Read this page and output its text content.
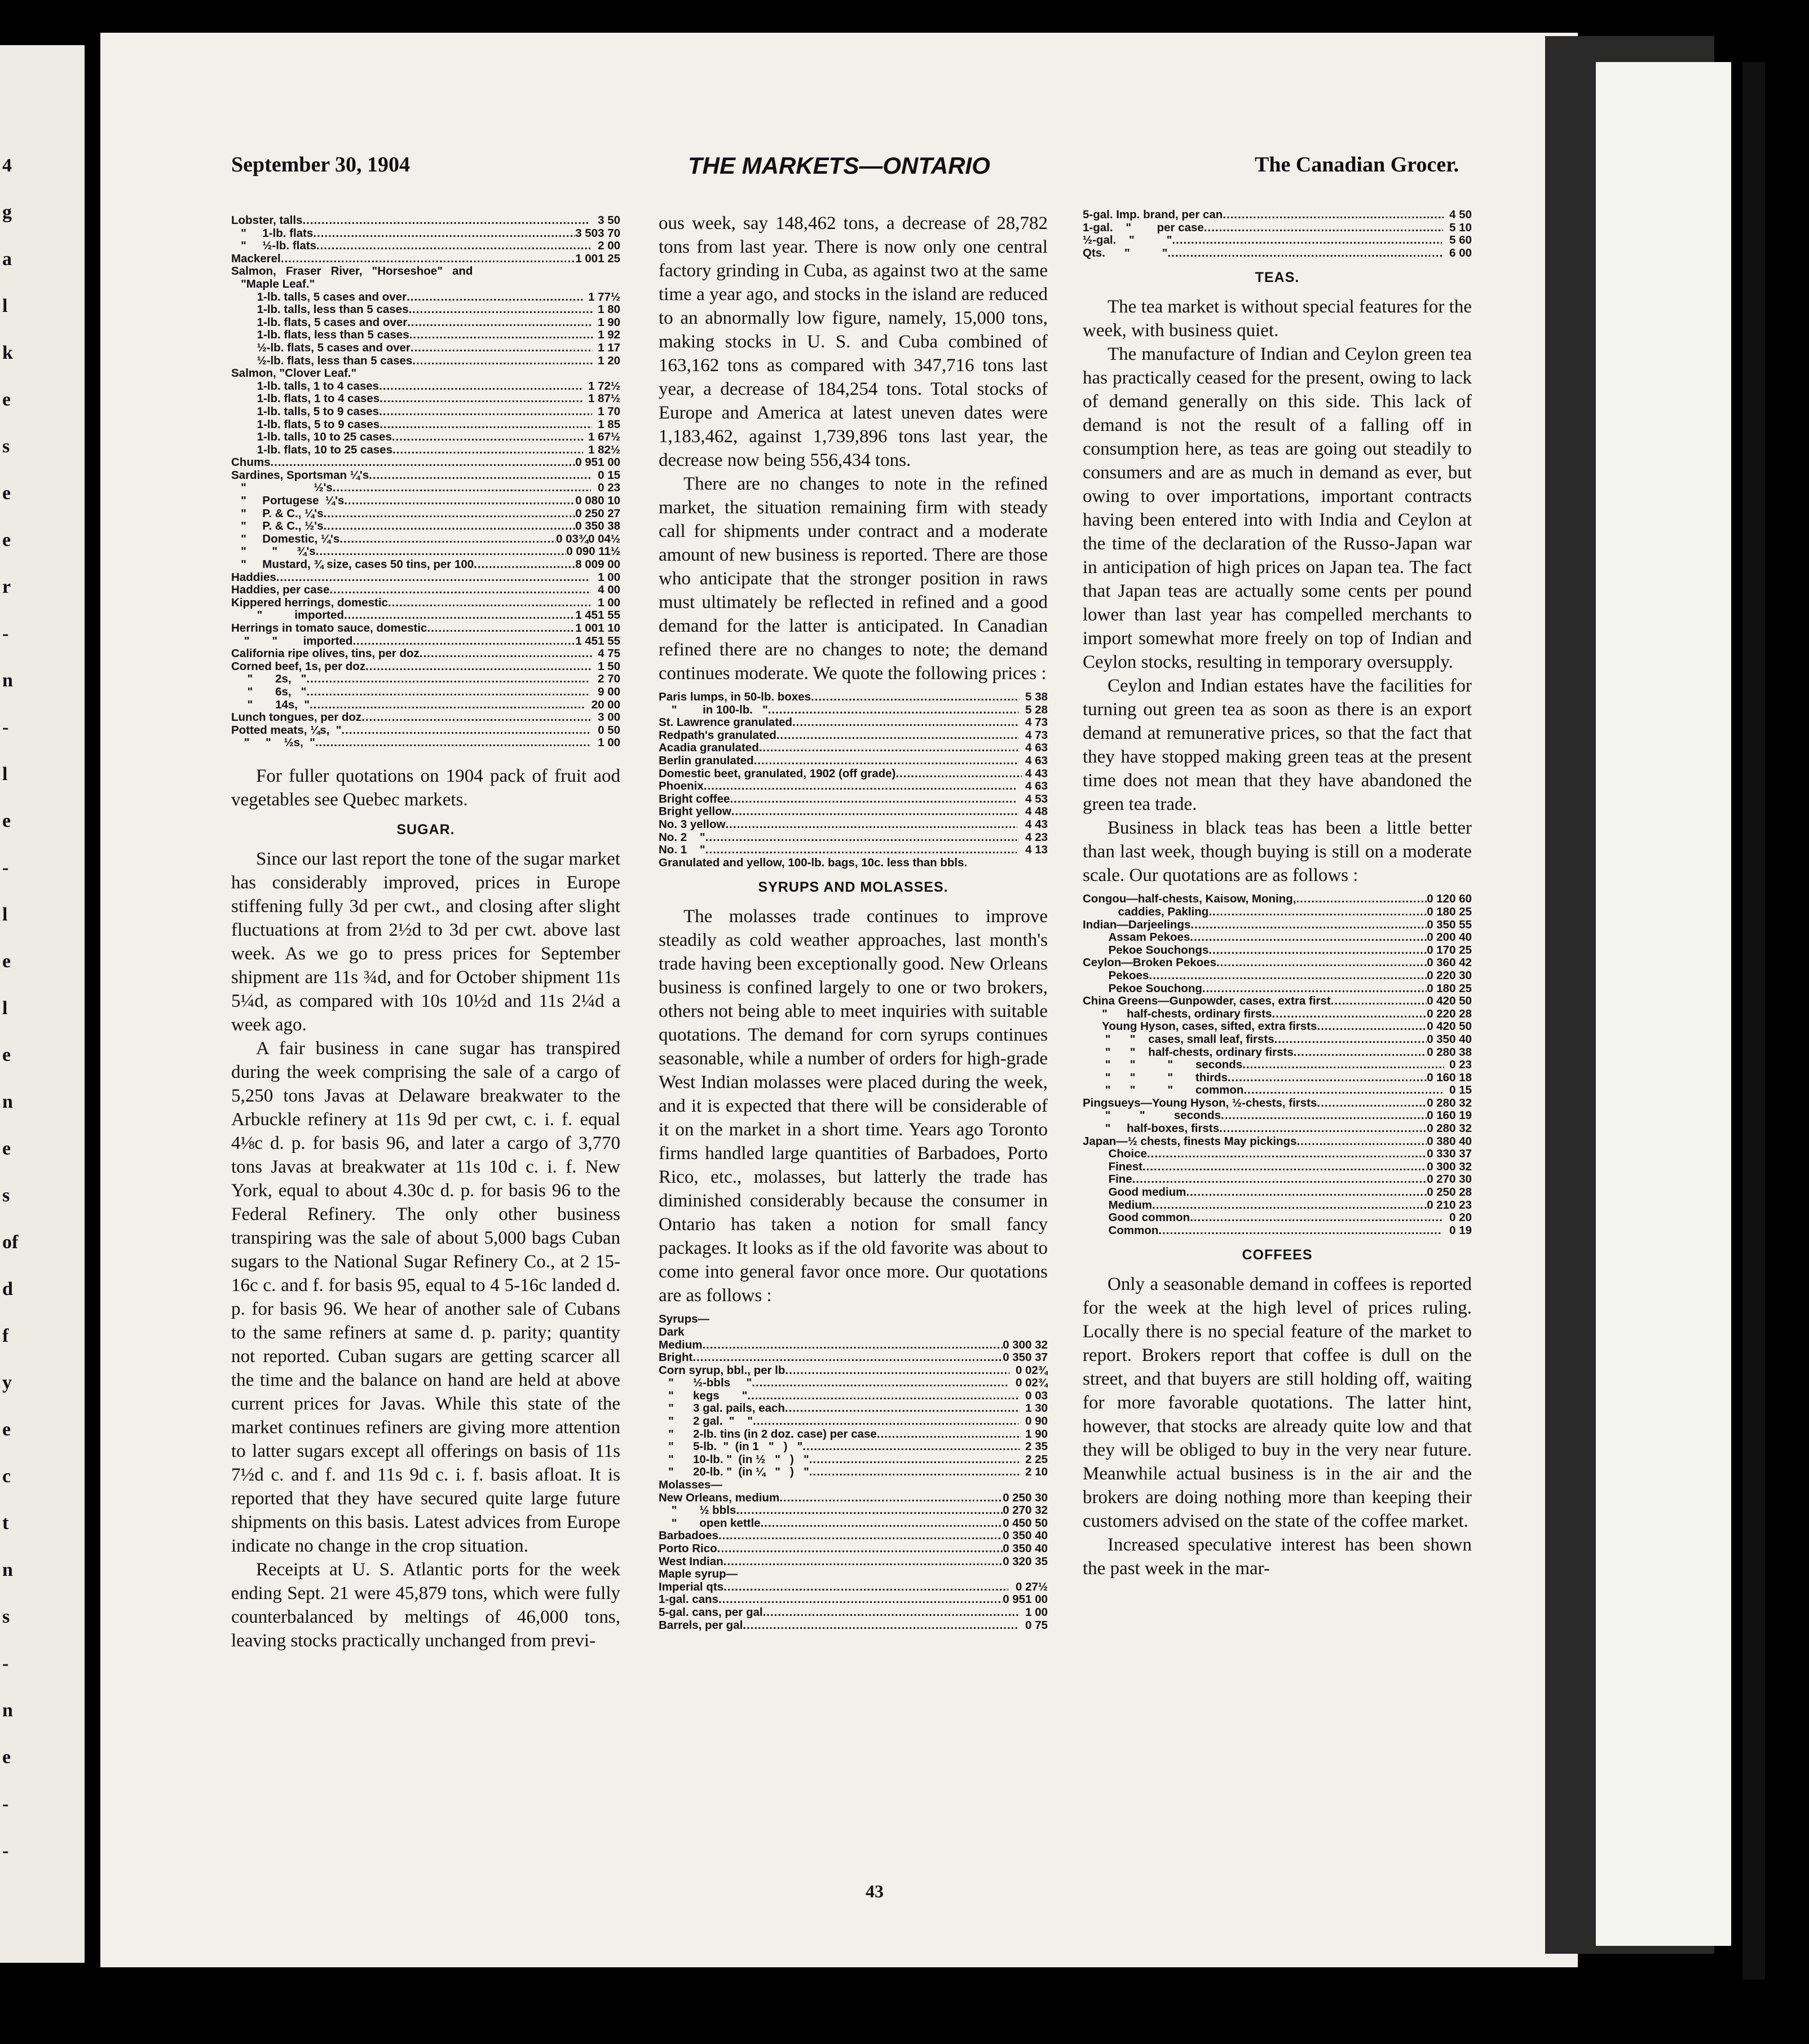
4
g
a
l
k
e
s
e
e
r
-
n
-
l
e
-
l
e
l
e
n
e
s
of
d
f
y
e
c
t
n
s
-
n
e
-
-
September 30, 1904	THE MARKETS—ONTARIO	The Canadian Grocer.
Lobster, talls .....	3 50
"     1-lb. flats .....	3 50 3 70
"     ½-lb. flats .....	2 00
Mackerel .....	1 00 1 25
Salmon,   Fraser   River,   "Horseshoe"   and
"Maple Leaf."
1-lb. talls, 5 cases and over .....	1 77½
1-lb. talls, less than 5 cases .....	1 80
1-lb. flats, 5 cases and over .....	1 90
1-lb. flats, less than 5 cases .....	1 92
½-lb. flats, 5 cases and over .....	1 17
½-lb. flats, less than 5 cases .....	1 20
Salmon, "Clover Leaf."
1-lb. talls, 1 to 4 cases .....	1 72½
1-lb. flats, 1 to 4 cases .....	1 87½
1-lb. talls, 5 to 9 cases .....	1 70
1-lb. flats, 5 to 9 cases .....	1 85
1-lb. talls, 10 to 25 cases .....	1 67½
1-lb. flats, 10 to 25 cases .....	1 82½
Chums .....	0 95 1 00
Sardines, Sportsman ¼'s .....	0 15
"                     ½'s .....	0 23
"     Portugese  ¼'s .....	0 08 0 10
"     P. & C., ¼'s .....	0 25 0 27
"     P. & C., ½'s .....	0 35 0 38
"     Domestic, ¼'s .....	0 03¾ 0 04½
"        "      ¾'s .....	0 09 0 11½
"     Mustard, ¾ size, cases 50 tins, per 100 .....	8 00 9 00
Haddies .....	1 00
Haddies, per case .....	4 00
Kippered herrings, domestic .....	1 00
"          imported .....	1 45 1 55
Herrings in tomato sauce, domestic .....	1 00 1 10
"       "        imported .....	1 45 1 55
California ripe olives, tins, per doz .....	4 75
Corned beef, 1s, per doz .....	1 50
"       2s,   " .....	2 70
"       6s,   " .....	9 00
"       14s,  " .....	20 00
Lunch tongues, per doz .....	3 00
Potted meats, ¼s,  " .....	0 50
"     "    ½s,  " .....	1 00

For fuller quotations on 1904 pack of fruit aod vegetables see Quebec markets.

SUGAR.

Since our last report the tone of the sugar market has considerably improved, prices in Europe stiffening fully 3d per cwt., and closing after slight fluctuations at from 2½d to 3d per cwt. above last week. As we go to press prices for September shipment are 11s ¾d, and for October shipment 11s 5¼d, as compared with 10s 10½d and 11s 2¼d a week ago.

A fair business in cane sugar has transpired during the week comprising the sale of a cargo of 5,250 tons Javas at Delaware breakwater to the Arbuckle refinery at 11s 9d per cwt, c. i. f. equal 4⅛c d. p. for basis 96, and later a cargo of 3,770 tons Javas at breakwater at 11s 10d c. i. f. New York, equal to about 4.30c d. p. for basis 96 to the Federal Refinery. The only other business transpiring was the sale of about 5,000 bags Cuban sugars to the National Sugar Refinery Co., at 2 15-16c c. and f. for basis 95, equal to 4 5-16c landed d. p. for basis 96. We hear of another sale of Cubans to the same refiners at same d. p. parity; quantity not reported. Cuban sugars are getting scarcer all the time and the balance on hand are held at above current prices for Javas. While this state of the market continues refiners are giving more attention to latter sugars except all offerings on basis of 11s 7½d c. and f. and 11s 9d c. i. f. basis afloat. It is reported that they have secured quite large future shipments on this basis. Latest advices from Europe indicate no change in the crop situation.

Receipts at U. S. Atlantic ports for the week ending Sept. 21 were 45,879 tons, which were fully counterbalanced by meltings of 46,000 tons, leaving stocks practically unchanged from previ-

ous week, say 148,462 tons, a decrease of 28,782 tons from last year. There is now only one central factory grinding in Cuba, as against two at the same time a year ago, and stocks in the island are reduced to an abnormally low figure, namely, 15,000 tons, making stocks in U. S. and Cuba combined of 163,162 tons as compared with 347,716 tons last year, a decrease of 184,254 tons. Total stocks of Europe and America at latest uneven dates were 1,183,462, against 1,739,896 tons last year, the decrease now being 556,434 tons.

There are no changes to note in the refined market, the situation remaining firm with steady call for shipments under contract and a moderate amount of new business is reported. There are those who anticipate that the stronger position in raws must ultimately be reflected in refined and a good demand for the latter is anticipated. In Canadian refined there are no changes to note; the demand continues moderate. We quote the following prices :

Paris lumps, in 50-lb. boxes .....	5 38
"        in 100-lb.   " .....	5 28
St. Lawrence granulated .....	4 73
Redpath's granulated .....	4 73
Acadia granulated .....	4 63
Berlin granulated .....	4 63
Domestic beet, granulated, 1902 (off grade) .....	4 43
Phoenix .....	4 63
Bright coffee .....	4 53
Bright yellow .....	4 48
No. 3 yellow .....	4 43
No. 2    " .....	4 23
No. 1    " .....	4 13
Granulated and yellow, 100-lb. bags, 10c. less than bbls.
SYRUPS AND MOLASSES.

The molasses trade continues to improve steadily as cold weather approaches, last month's trade having been exceptionally good. New Orleans business is confined largely to one or two brokers, others not being able to meet inquiries with suitable quotations. The demand for corn syrups continues seasonable, while a number of orders for high-grade West Indian molasses were placed during the week, and it is expected that there will be considerable of it on the market in a short time. Years ago Toronto firms handled large quantities of Barbadoes, Porto Rico, etc., molasses, but latterly the trade has diminished considerably because the consumer in Ontario has taken a notion for small fancy packages. It looks as if the old favorite was about to come into general favor once more. Our quotations are as follows :

Syrups—
Dark
Medium .....	0 30 0 32
Bright .....	0 35 0 37
Corn syrup, bbl., per lb .....	0 02¾
"      ½-bbls     " .....	0 02¾
"      kegs       " .....	0 03
"      3 gal. pails, each .....	1 30
"      2 gal.  "    " .....	0 90
"      2-lb. tins (in 2 doz. case) per case .....	1 90
"      5-lb.  "  (in 1   "   )   " .....	2 35
"      10-lb. "  (in ½   "   )   " .....	2 25
"      20-lb. "  (in ¼   "   )   " .....	2 10
Molasses—
New Orleans, medium .....	0 25 0 30
"       ½ bbls .....	0 27 0 32
"       open kettle .....	0 45 0 50
Barbadoes .....	0 35 0 40
Porto Rico .....	0 35 0 40
West Indian .....	0 32 0 35
Maple syrup—
Imperial qts .....	0 27½
1-gal. cans .....	0 95 1 00
5-gal. cans, per gal .....	1 00
Barrels, per gal .....	0 75
5-gal. Imp. brand, per can .....	4 50
1-gal.    "        per case .....	5 10
½-gal.    "          " .....	5 60
Qts.      "          " .....	6 00
TEAS.

The tea market is without special features for the week, with business quiet.

The manufacture of Indian and Ceylon green tea has practically ceased for the present, owing to lack of demand generally on this side. This lack of demand is not the result of a falling off in consumption here, as teas are going out steadily to consumers and are as much in demand as ever, but owing to over importations, important contracts having been entered into with India and Ceylon at the time of the declaration of the Russo-Japan war in anticipation of high prices on Japan tea. The fact that Japan teas are actually some cents per pound lower than last year has compelled merchants to import somewhat more freely on top of Indian and Ceylon stocks, resulting in temporary oversupply.

Ceylon and Indian estates have the facilities for turning out green tea as soon as there is an export demand at remunerative prices, so that the fact that they have stopped making green teas at the present time does not mean that they have abandoned the green tea trade.

Business in black teas has been a little better than last week, though buying is still on a moderate scale. Our quotations are as follows :

Congou—half-chests, Kaisow, Moning, .....	0 12 0 60
caddies, Pakling .....	0 18 0 25
Indian—Darjeelings .....	0 35 0 55
Assam Pekoes .....	0 20 0 40
Pekoe Souchongs .....	0 17 0 25
Ceylon—Broken Pekoes .....	0 36 0 42
Pekoes .....	0 22 0 30
Pekoe Souchong .....	0 18 0 25
China Greens—Gunpowder, cases, extra first .....	0 42 0 50
"      half-chests, ordinary firsts .....	0 22 0 28
Young Hyson, cases, sifted, extra firsts .....	0 42 0 50
"      "    cases, small leaf, firsts .....	0 35 0 40
"      "    half-chests, ordinary firsts .....	0 28 0 38
"      "          "       seconds .....	0 23
"      "          "       thirds .....	0 16 0 18
"      "          "       common .....	0 15
Pingsueys—Young Hyson, ½-chests, firsts .....	0 28 0 32
"         "         seconds .....	0 16 0 19
"     half-boxes, firsts .....	0 28 0 32
Japan—½ chests, finests May pickings .....	0 38 0 40
Choice .....	0 33 0 37
Finest .....	0 30 0 32
Fine .....	0 27 0 30
Good medium .....	0 25 0 28
Medium .....	0 21 0 23
Good common .....	0 20
Common .....	0 19
COFFEES

Only a seasonable demand in coffees is reported for the week at the high level of prices ruling. Locally there is no special feature of the market to report. Brokers report that coffee is dull on the street, and that buyers are still holding off, waiting for more favorable quotations. The latter hint, however, that stocks are already quite low and that they will be obliged to buy in the very near future. Meanwhile actual business is in the air and the brokers are doing nothing more than keeping their customers advised on the state of the coffee market.

Increased speculative interest has been shown the past week in the mar-

43
